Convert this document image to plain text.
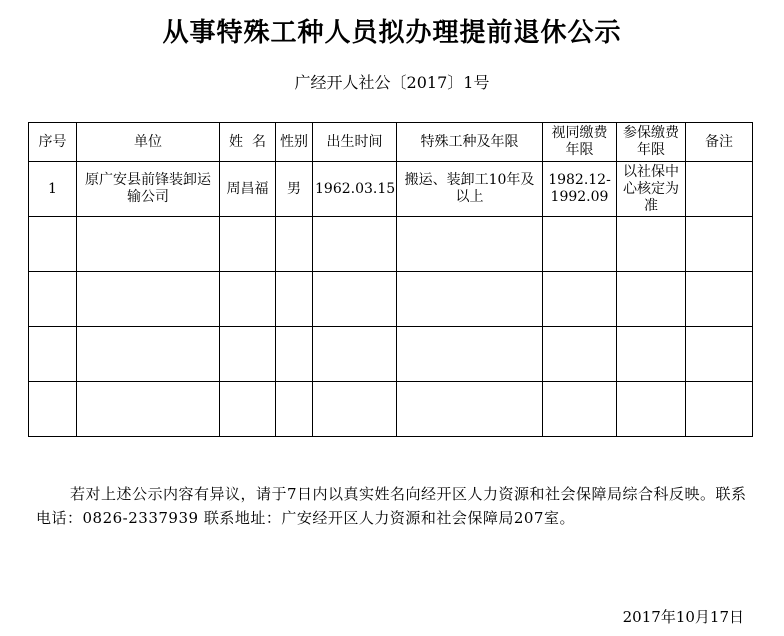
从事特殊工种人员拟办理提前退休公示
广经开人社公〔2017〕1号
序号	单位	姓  名	性别	出生时间	特殊工种及年限	视同缴费年限	参保缴费年限	备注
1	原广安县前锋装卸运输公司	周昌福	男	1962.03.15	搬运、装卸工10年及以上	1982.12-1992.09	以社保中心核定为准	

若对上述公示内容有异议，请于7日内以真实姓名向经开区人力资源和社会保障局综合科反映。联系电话：0826-2337939 联系地址：广安经开区人力资源和社会保障局207室。
2017年10月17日
